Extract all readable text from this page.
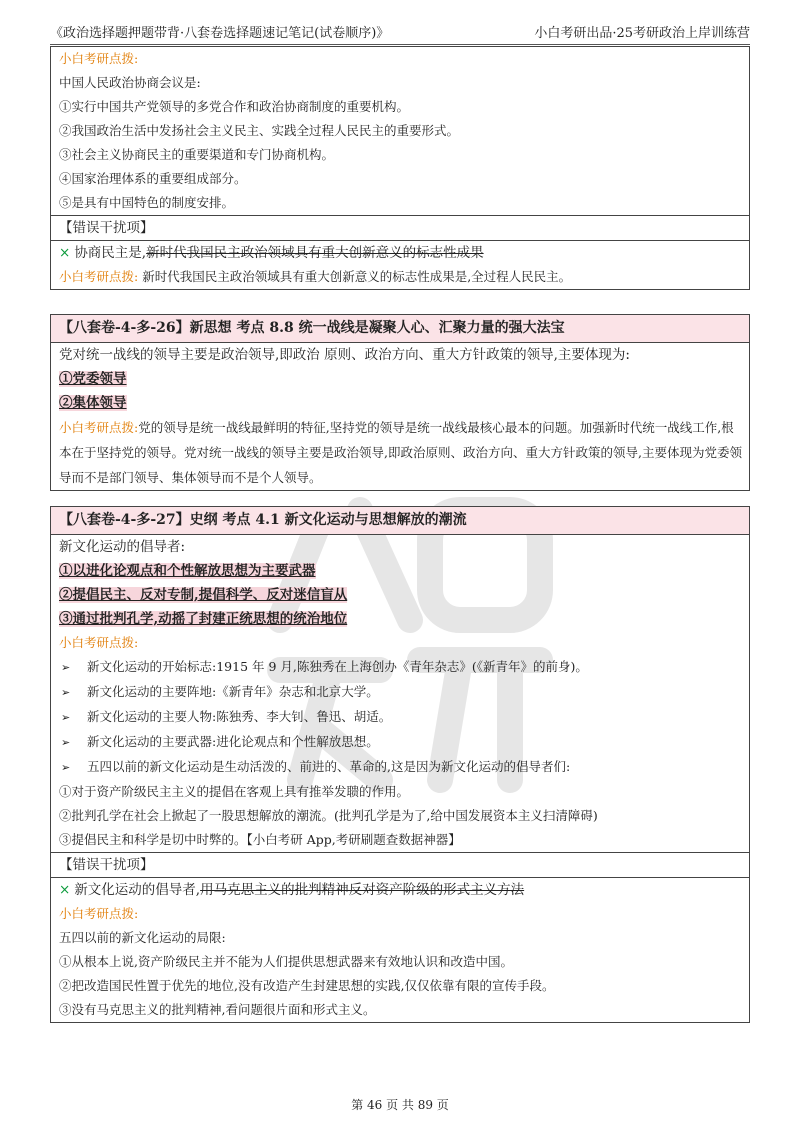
《政治选择题押题带背·八套卷选择题速记笔记(试卷顺序)》	小白考研出品·25考研政治上岸训练营
小白考研点拨:
中国人民政治协商会议是:
①实行中国共产党领导的多党合作和政治协商制度的重要机构。
②我国政治生活中发扬社会主义民主、实践全过程人民民主的重要形式。
③社会主义协商民主的重要渠道和专门协商机构。
④国家治理体系的重要组成部分。
⑤是具有中国特色的制度安排。
【错误干扰项】
× 协商民主是,新时代我国民主政治领域具有重大创新意义的标志性成果
小白考研点拨: 新时代我国民主政治领域具有重大创新意义的标志性成果是,全过程人民民主。
【八套卷-4-多-26】新思想 考点 8.8 统一战线是凝聚人心、汇聚力量的强大法宝
党对统一战线的领导主要是政治领导,即政治 原则、政治方向、重大方针政策的领导,主要体现为:
①党委领导
②集体领导
小白考研点拨:党的领导是统一战线最鲜明的特征,坚持党的领导是统一战线最核心最本的问题。加强新时代统一战线工作,根本在于坚持党的领导。党对统一战线的领导主要是政治领导,即政治原则、政治方向、重大方针政策的领导,主要体现为党委领导而不是部门领导、集体领导而不是个人领导。
【八套卷-4-多-27】史纲 考点 4.1 新文化运动与思想解放的潮流
新文化运动的倡导者:
①以进化论观点和个性解放思想为主要武器
②提倡民主、反对专制,提倡科学、反对迷信盲从
③通过批判孔学,动摇了封建正统思想的统治地位
小白考研点拨:
➢ 新文化运动的开始标志:1915 年 9 月,陈独秀在上海创办《青年杂志》(《新青年》的前身)。
➢ 新文化运动的主要阵地:《新青年》杂志和北京大学。
➢ 新文化运动的主要人物:陈独秀、李大钊、鲁迅、胡适。
➢ 新文化运动的主要武器:进化论观点和个性解放思想。
➢ 五四以前的新文化运动是生动活泼的、前进的、革命的,这是因为新文化运动的倡导者们:
①对于资产阶级民主主义的提倡在客观上具有推举发聩的作用。
②批判孔学在社会上掀起了一股思想解放的潮流。(批判孔学是为了,给中国发展资本主义扫清障碍)
③提倡民主和科学是切中时弊的。【小白考研 App,考研刷题查数据神器】
【错误干扰项】
× 新文化运动的倡导者,用马克思主义的批判精神反对资产阶级的形式主义方法
小白考研点拨:
五四以前的新文化运动的局限:
①从根本上说,资产阶级民主并不能为人们提供思想武器来有效地认识和改造中国。
②把改造国民性置于优先的地位,没有改造产生封建思想的实践,仅仅依靠有限的宣传手段。
③没有马克思主义的批判精神,看问题很片面和形式主义。
第 46 页 共 89 页
